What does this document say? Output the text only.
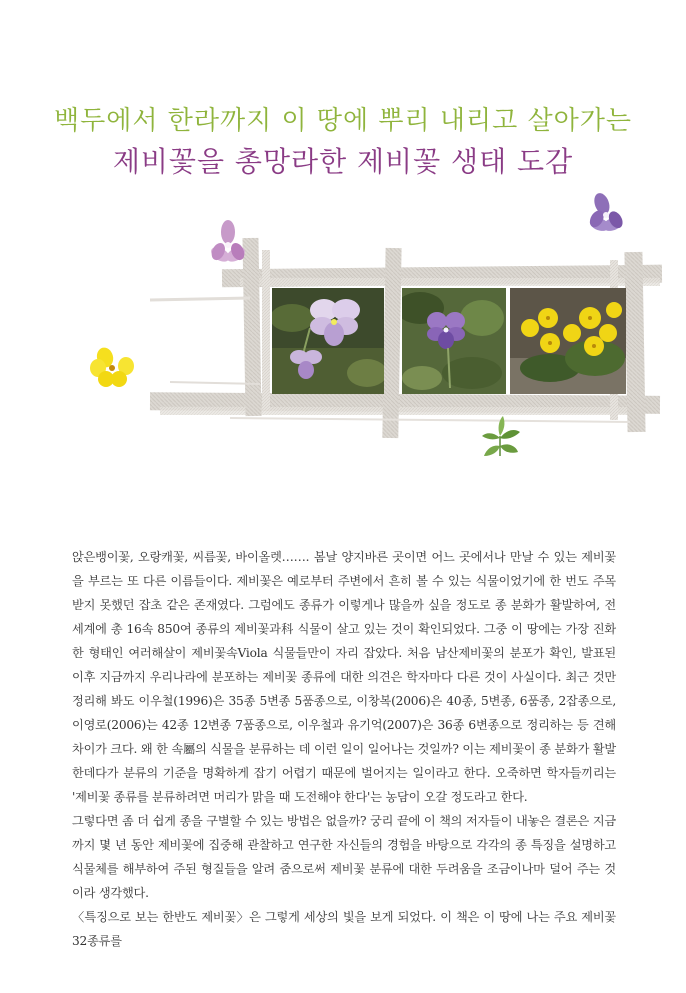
백두에서 한라까지 이 땅에 뿌리 내리고 살아가는
제비꽃을 총망라한 제비꽃 생태 도감

앉은뱅이꽃, 오랑캐꽃, 씨름꽃, 바이올렛……. 봄날 양지바른 곳이면 어느 곳에서나 만날 수 있는 제비꽃을 부르는 또 다른 이름들이다. 제비꽃은 예로부터 주변에서 흔히 볼 수 있는 식물이었기에 한 번도 주목받지 못했던 잡초 같은 존재였다. 그럼에도 종류가 이렇게나 많을까 싶을 정도로 종 분화가 활발하여, 전 세계에 총 16속 850여 종류의 제비꽃과科 식물이 살고 있는 것이 확인되었다. 그중 이 땅에는 가장 진화한 형태인 여러해살이 제비꽃속Viola 식물들만이 자리 잡았다. 처음 남산제비꽃의 분포가 확인, 발표된 이후 지금까지 우리나라에 분포하는 제비꽃 종류에 대한 의견은 학자마다 다른 것이 사실이다. 최근 것만 정리해 봐도 이우철(1996)은 35종 5변종 5품종으로, 이창복(2006)은 40종, 5변종, 6품종, 2잡종으로, 이영로(2006)는 42종 12변종 7품종으로, 이우철과 유기억(2007)은 36종 6변종으로 정리하는 등 견해 차이가 크다. 왜 한 속屬의 식물을 분류하는 데 이런 일이 일어나는 것일까? 이는 제비꽃이 종 분화가 활발한데다가 분류의 기준을 명확하게 잡기 어렵기 때문에 벌어지는 일이라고 한다. 오죽하면 학자들끼리는 '제비꽃 종류를 분류하려면 머리가 맑을 때 도전해야 한다'는 농담이 오갈 정도라고 한다.

그렇다면 좀 더 쉽게 종을 구별할 수 있는 방법은 없을까? 궁리 끝에 이 책의 저자들이 내놓은 결론은 지금까지 몇 년 동안 제비꽃에 집중해 관찰하고 연구한 자신들의 경험을 바탕으로 각각의 종 특징을 설명하고 식물체를 해부하여 주된 형질들을 알려 줌으로써 제비꽃 분류에 대한 두려움을 조금이나마 덜어 주는 것이라 생각했다.

〈특징으로 보는 한반도 제비꽃〉은 그렇게 세상의 빛을 보게 되었다. 이 책은 이 땅에 나는 주요 제비꽃 32종류를
